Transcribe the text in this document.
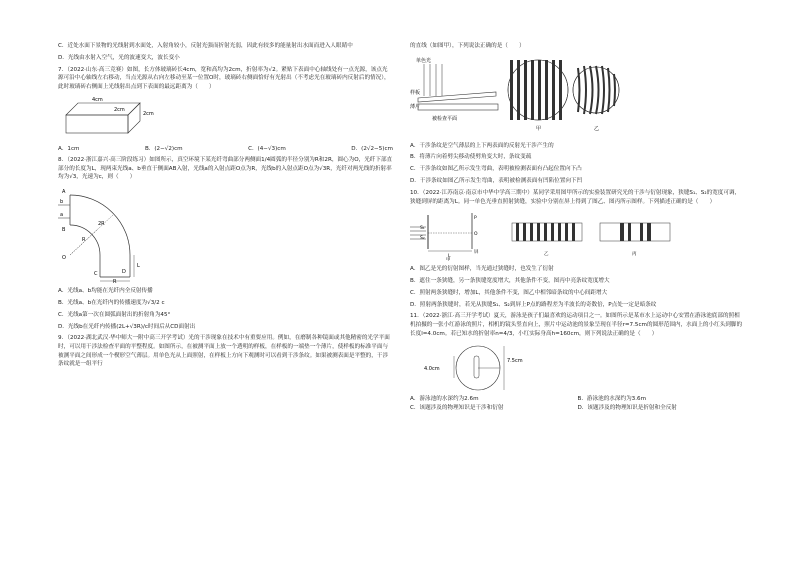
C．近处水面下景物的光线射到水面处，入射角较小，反射光强而折射光弱，因此有较多的能量射出水面而进入人眼睛中

D．光线由水射入空气，光的波速变大，波长变小

7．（2022·山东·高三竞赛）如图，长方体玻璃砖长4cm，宽和高均为2cm，折射率为√2。紧贴下表面中心轴线处有一点光源，该点光源可沿中心轴线左右移动，当点光源从右向左移动至某一位置O时，玻璃砖右侧面恰好有光射出（不考虑光在玻璃砖内反射后的情况），此时玻璃砖右侧面上光线射出点到下表面的最远距离为（　　）

4cm
2cm
2cm
A．1cm	B．(2−√2)cm	C．(4−√3)cm	D．(2√2−5)cm

8．（2022·浙江嘉兴·高三阶段练习）如图所示，真空环境下某光纤弯曲部分两侧面1/4圆弧的半径分别为R和2R，圆心为O，光纤下部直部分的长度为L，现两束光线a、b垂直于侧面AB入射，光线a的入射点距O点为R，光线b的入射点距O点为√3R，光纤对两光线的折射率均为√3，光速为c，则（　　）

A
b
a
B
O
R
2R
L
C	D
R

A．光线a、b均能在光纤内全反射传播

B．光线a、b在光纤内的传播速度为√3/2 c

C．光线a第一次在圆弧面射出的折射角为45°

D．光线b在光纤内传播(2L+√3R)/c时间后从CD面射出

9．（2022·湖北武汉·华中师大一附中高三开学考试）光的干涉现象在技术中有重要应用。例如，在磨制各种镜面或其他精密的光学平面时，可以用干涉法检查平面的平整程度。如图所示，在被测平面上放一个透明的样板，在样板的一端垫一个薄片，使样板的标准平面与被测平面之间形成一个楔形空气薄层。用单色光从上面照射，在样板上方向下观测时可以看到干涉条纹。如果被测表面是平整的，干涉条纹就是一组平行

的直线（如图甲），下列说法正确的是（　　）

单色光
样板
薄片
被检查平面
甲	乙

A．干涉条纹是空气薄层的上下两表面的反射光干涉产生的

B．将薄片向着劈尖移动使劈角变大时，条纹变疏

C．干涉条纹如图乙所示发生弯曲，表明被检测表面有凸起位置向下凸

D．干涉条纹如图乙所示发生弯曲，表明被检测表面有凹陷位置向下凹

10．（2022·江苏南京·南京市中华中学高三期中）某同学采用图甲所示的实验装置研究光的干涉与衍射现象，狭缝S₁、S₂的宽度可调，狭缝到屏的距离为L。同一单色光垂直照射狭缝，实验中分别在屏上得到了图乙、图丙所示图样。下列描述正确的是（　　）

S₁
S₂
P
O
L
屏
甲
乙	丙

A．图乙是光的衍射图样，当光通过狭缝时，也发生了衍射

B．遮住一条狭缝，另一条狭缝宽度增大，其他条件不变，图丙中亮条纹宽度增大

C．照射两条狭缝时，增加L，其他条件不变，图乙中相邻暗条纹的中心间距增大

D．照射两条狭缝时，若光从狭缝S₁、S₂到屏上P点的路程差为半波长的奇数倍，P点处一定是暗条纹

11．（2022·浙江·高三开学考试）夏天，游泳是孩子们最喜欢的运动项目之一。如图所示是某市水上运动中心安置在游泳池底部的照相机拍摄的一张小红游泳的照片，相机的镜头竖直向上，照片中运动池的景象呈现在半径r=7.5cm的圆形范围内，水面上的小红头到脚的长度l=4.0cm。若已知水的折射率n=4/3，小红实际身高h=160cm，则下列说法正确的是（　　）

4.0cm
7.5cm
A．游泳池的水深约为2.6m	B．游泳池的水深约为3.6m
C．该题涉及的物理知识是干涉和衍射	D．该题涉及的物理知识是折射和全反射
